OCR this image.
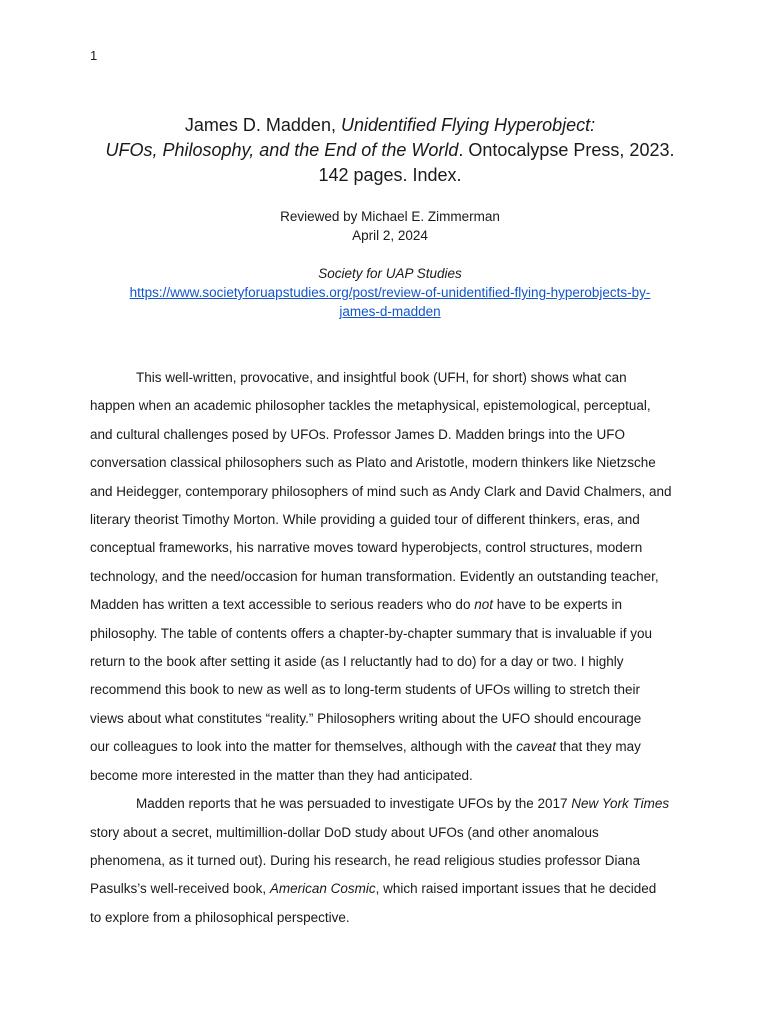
1
James D. Madden, Unidentified Flying Hyperobject:
UFOs, Philosophy, and the End of the World. Ontocalypse Press, 2023.
142 pages. Index.
Reviewed by Michael E. Zimmerman
April 2, 2024
Society for UAP Studies
https://www.societyforuapstudies.org/post/review-of-unidentified-flying-hyperobjects-by-
james-d-madden
This well-written, provocative, and insightful book (UFH, for short) shows what can
happen when an academic philosopher tackles the metaphysical, epistemological, perceptual,
and cultural challenges posed by UFOs. Professor James D. Madden brings into the UFO
conversation classical philosophers such as Plato and Aristotle, modern thinkers like Nietzsche
and Heidegger, contemporary philosophers of mind such as Andy Clark and David Chalmers, and
literary theorist Timothy Morton. While providing a guided tour of different thinkers, eras, and
conceptual frameworks, his narrative moves toward hyperobjects, control structures, modern
technology, and the need/occasion for human transformation. Evidently an outstanding teacher,
Madden has written a text accessible to serious readers who do not have to be experts in
philosophy. The table of contents offers a chapter-by-chapter summary that is invaluable if you
return to the book after setting it aside (as I reluctantly had to do) for a day or two. I highly
recommend this book to new as well as to long-term students of UFOs willing to stretch their
views about what constitutes “reality.” Philosophers writing about the UFO should encourage
our colleagues to look into the matter for themselves, although with the caveat that they may
become more interested in the matter than they had anticipated.
Madden reports that he was persuaded to investigate UFOs by the 2017 New York Times
story about a secret, multimillion-dollar DoD study about UFOs (and other anomalous
phenomena, as it turned out). During his research, he read religious studies professor Diana
Pasulks’s well-received book, American Cosmic, which raised important issues that he decided
to explore from a philosophical perspective.
